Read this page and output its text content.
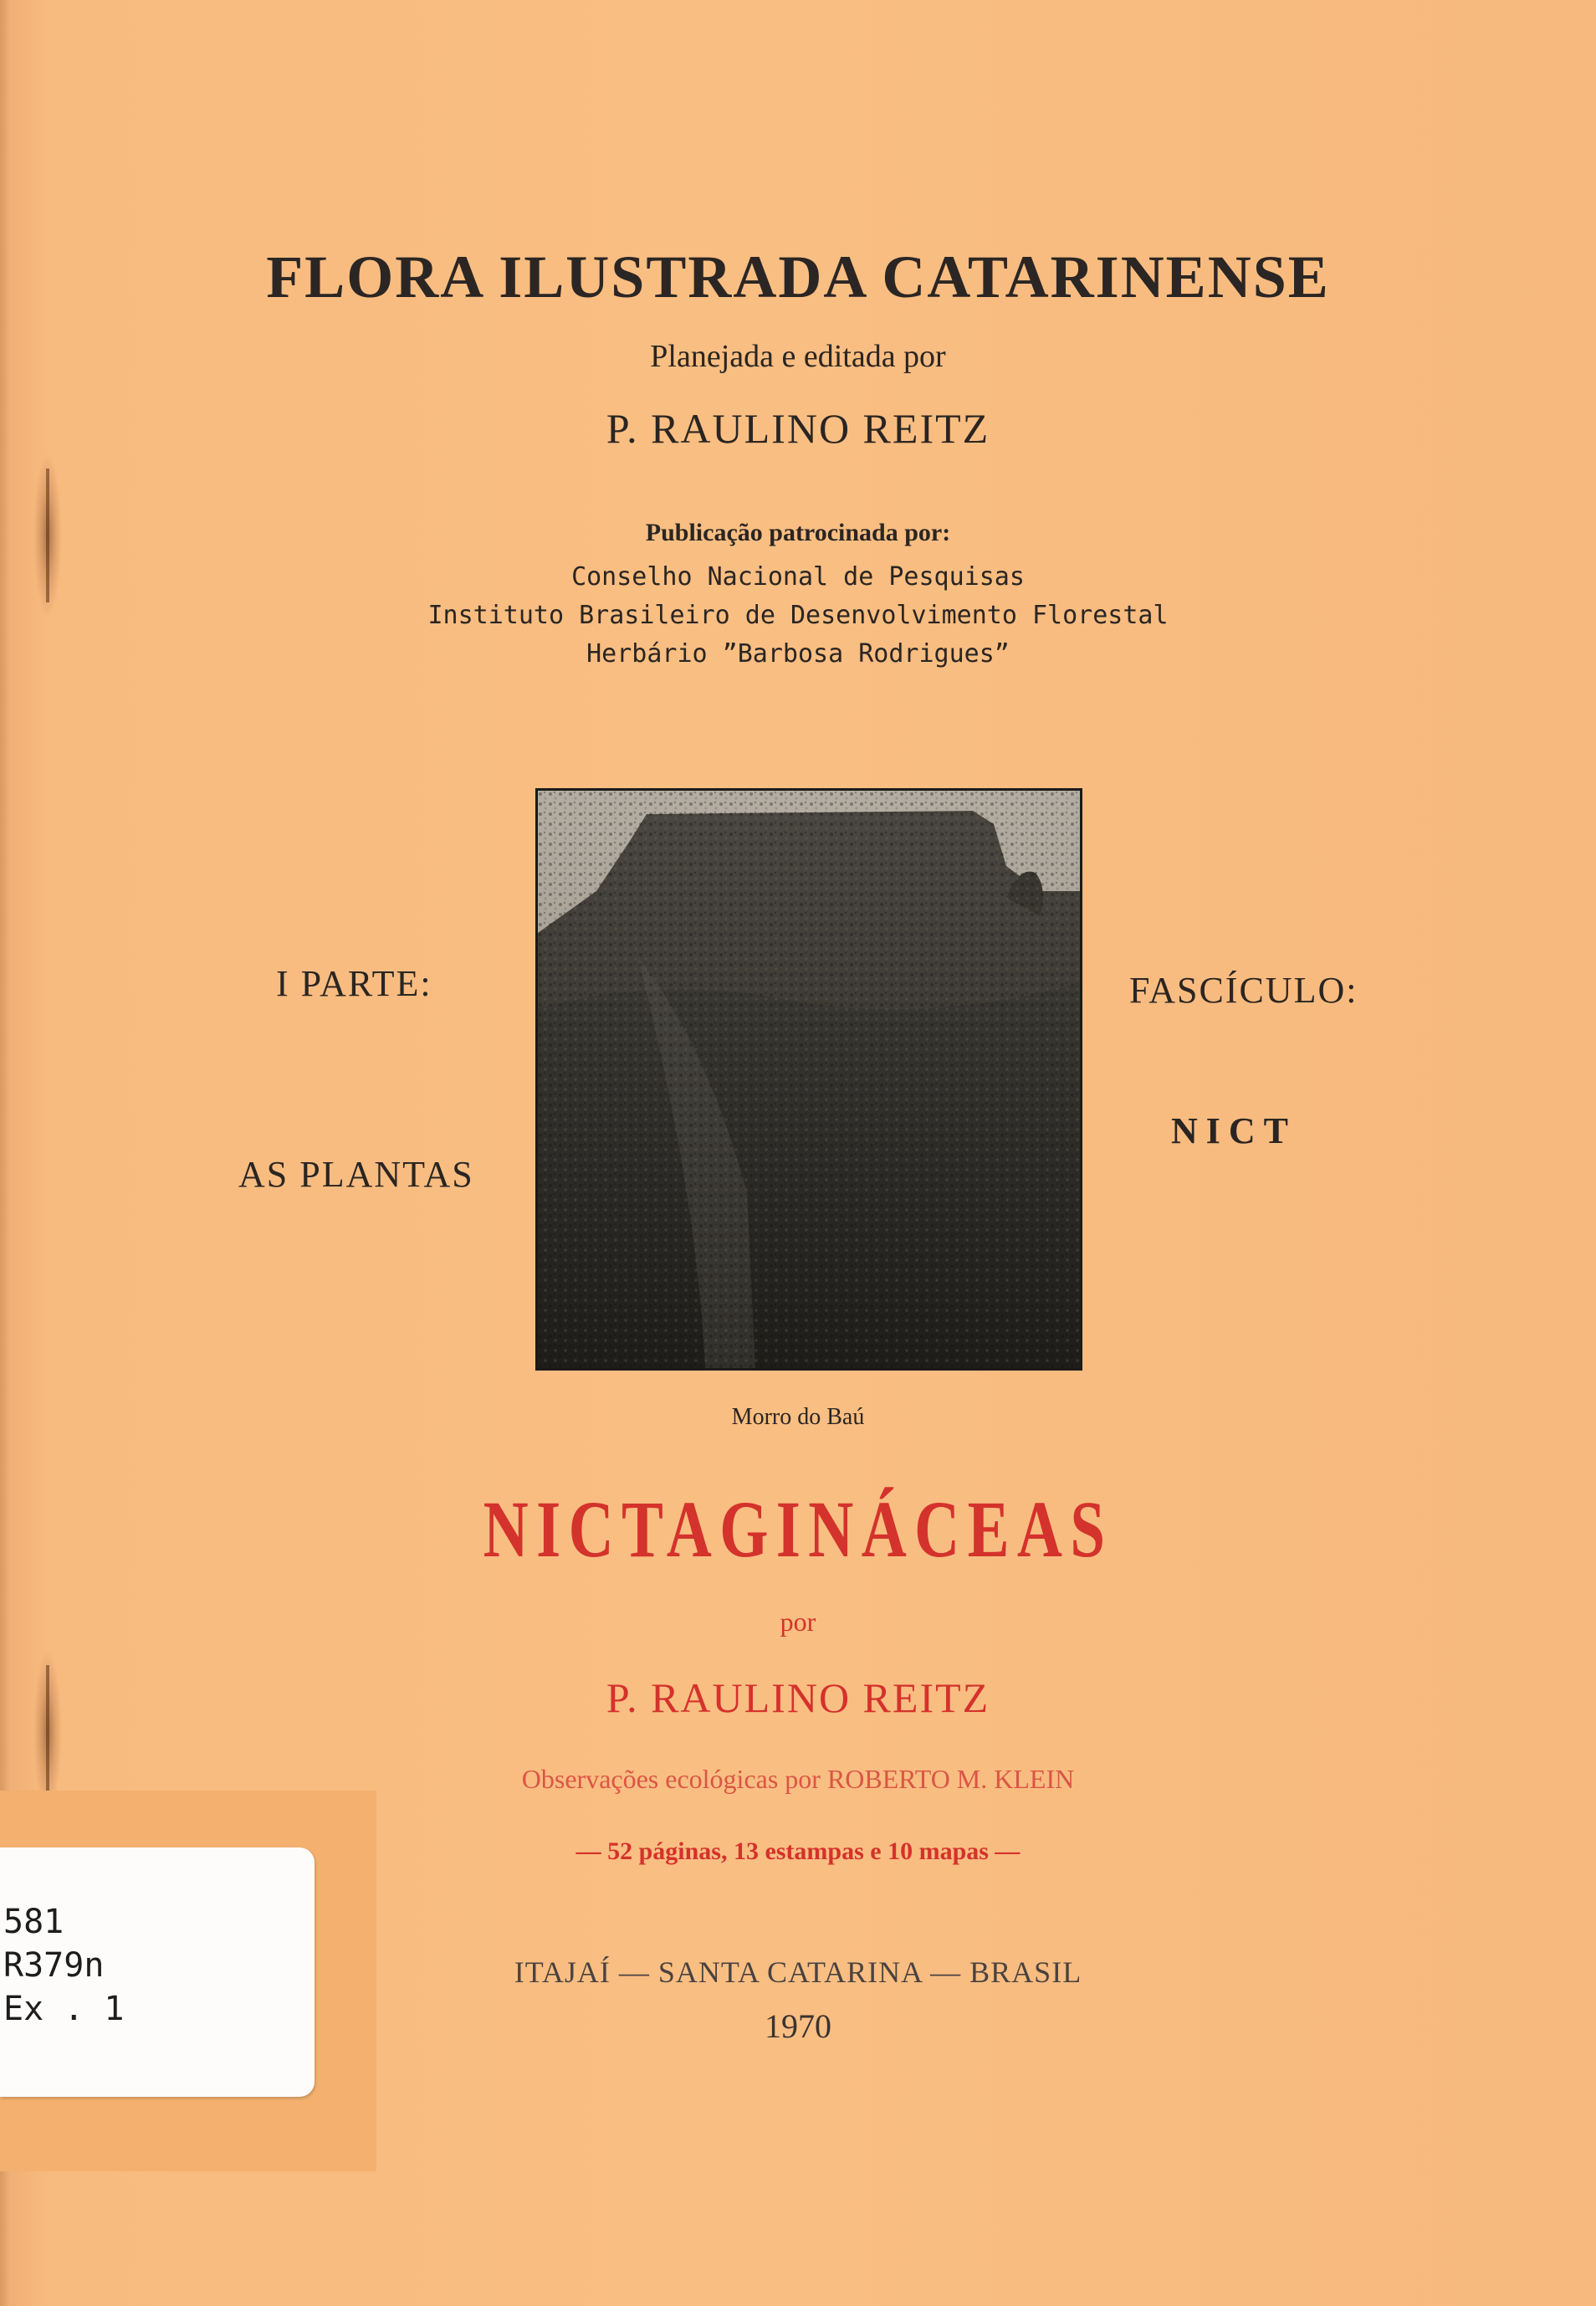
FLORA ILUSTRADA CATARINENSE
Planejada e editada por
P. RAULINO REITZ
Publicação patrocinada por:
Conselho Nacional de Pesquisas
Instituto Brasileiro de Desenvolvimento Florestal
Herbário ”Barbosa Rodrigues”
I PARTE:
AS PLANTAS
FASCÍCULO:
NICT
Morro do Baú
NICTAGINÁCEAS
por
P. RAULINO REITZ
Observações ecológicas por ROBERTO M. KLEIN
— 52 páginas, 13 estampas e 10 mapas —
ITAJAÍ — SANTA CATARINA — BRASIL
1970
581
R379n
Ex . 1
